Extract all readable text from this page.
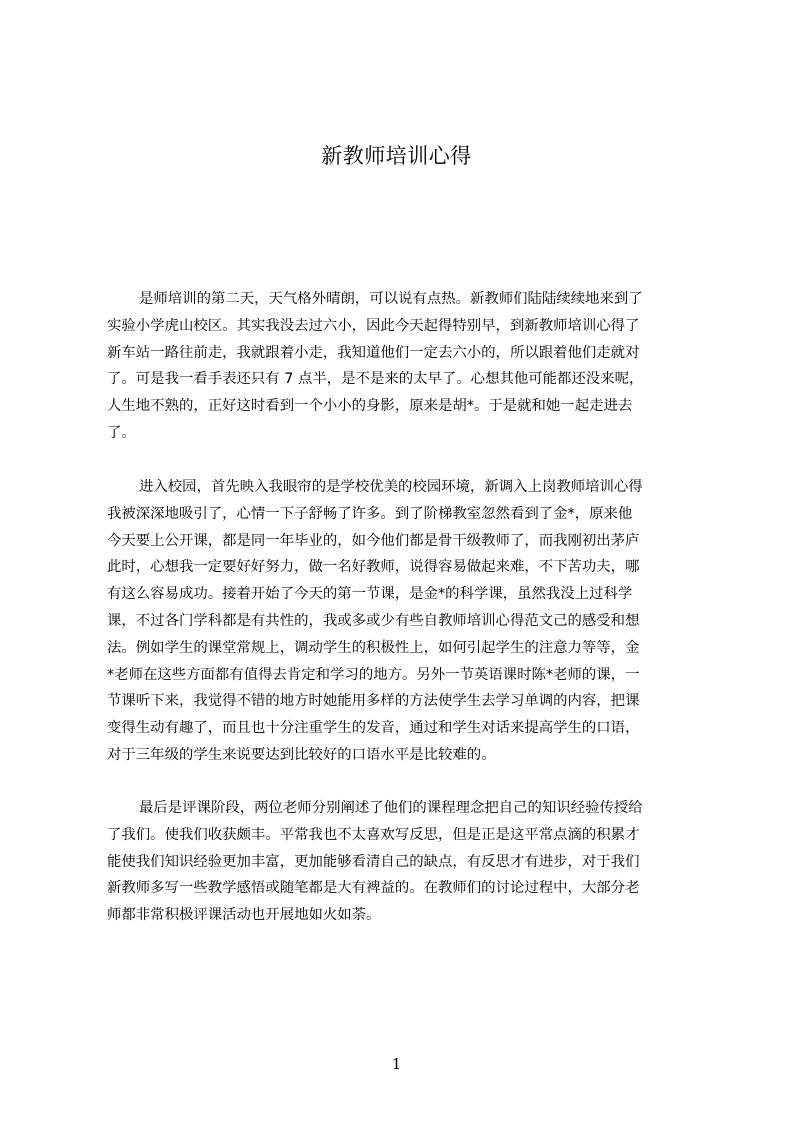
新教师培训心得
是师培训的第二天，天气格外晴朗，可以说有点热。新教师们陆陆续续地来到了
实验小学虎山校区。其实我没去过六小，因此今天起得特别早，到新教师培训心得了
新车站一路往前走，我就跟着小走，我知道他们一定去六小的，所以跟着他们走就对
了。可是我一看手表还只有 7 点半，是不是来的太早了。心想其他可能都还没来呢，
人生地不熟的，正好这时看到一个小小的身影，原来是胡*。于是就和她一起走进去
了。
进入校园，首先映入我眼帘的是学校优美的校园环境，新调入上岗教师培训心得
我被深深地吸引了，心情一下子舒畅了许多。到了阶梯教室忽然看到了金*，原来他
今天要上公开课，都是同一年毕业的，如今他们都是骨干级教师了，而我刚初出茅庐
此时，心想我一定要好好努力，做一名好教师，说得容易做起来难，不下苦功夫，哪
有这么容易成功。接着开始了今天的第一节课，是金*的科学课，虽然我没上过科学
课，不过各门学科都是有共性的，我或多或少有些自教师培训心得范文己的感受和想
法。例如学生的课堂常规上，调动学生的积极性上，如何引起学生的注意力等等，金
*老师在这些方面都有值得去肯定和学习的地方。另外一节英语课时陈*老师的课，一
节课听下来，我觉得不错的地方时她能用多样的方法使学生去学习单调的内容，把课
变得生动有趣了，而且也十分注重学生的发音，通过和学生对话来提高学生的口语，
对于三年级的学生来说要达到比较好的口语水平是比较难的。
最后是评课阶段，两位老师分别阐述了他们的课程理念把自己的知识经验传授给
了我们。使我们收获颇丰。平常我也不太喜欢写反思，但是正是这平常点滴的积累才
能使我们知识经验更加丰富，更加能够看清自己的缺点，有反思才有进步，对于我们
新教师多写一些教学感悟或随笔都是大有裨益的。在教师们的讨论过程中，大部分老
师都非常积极评课活动也开展地如火如荼。
1
